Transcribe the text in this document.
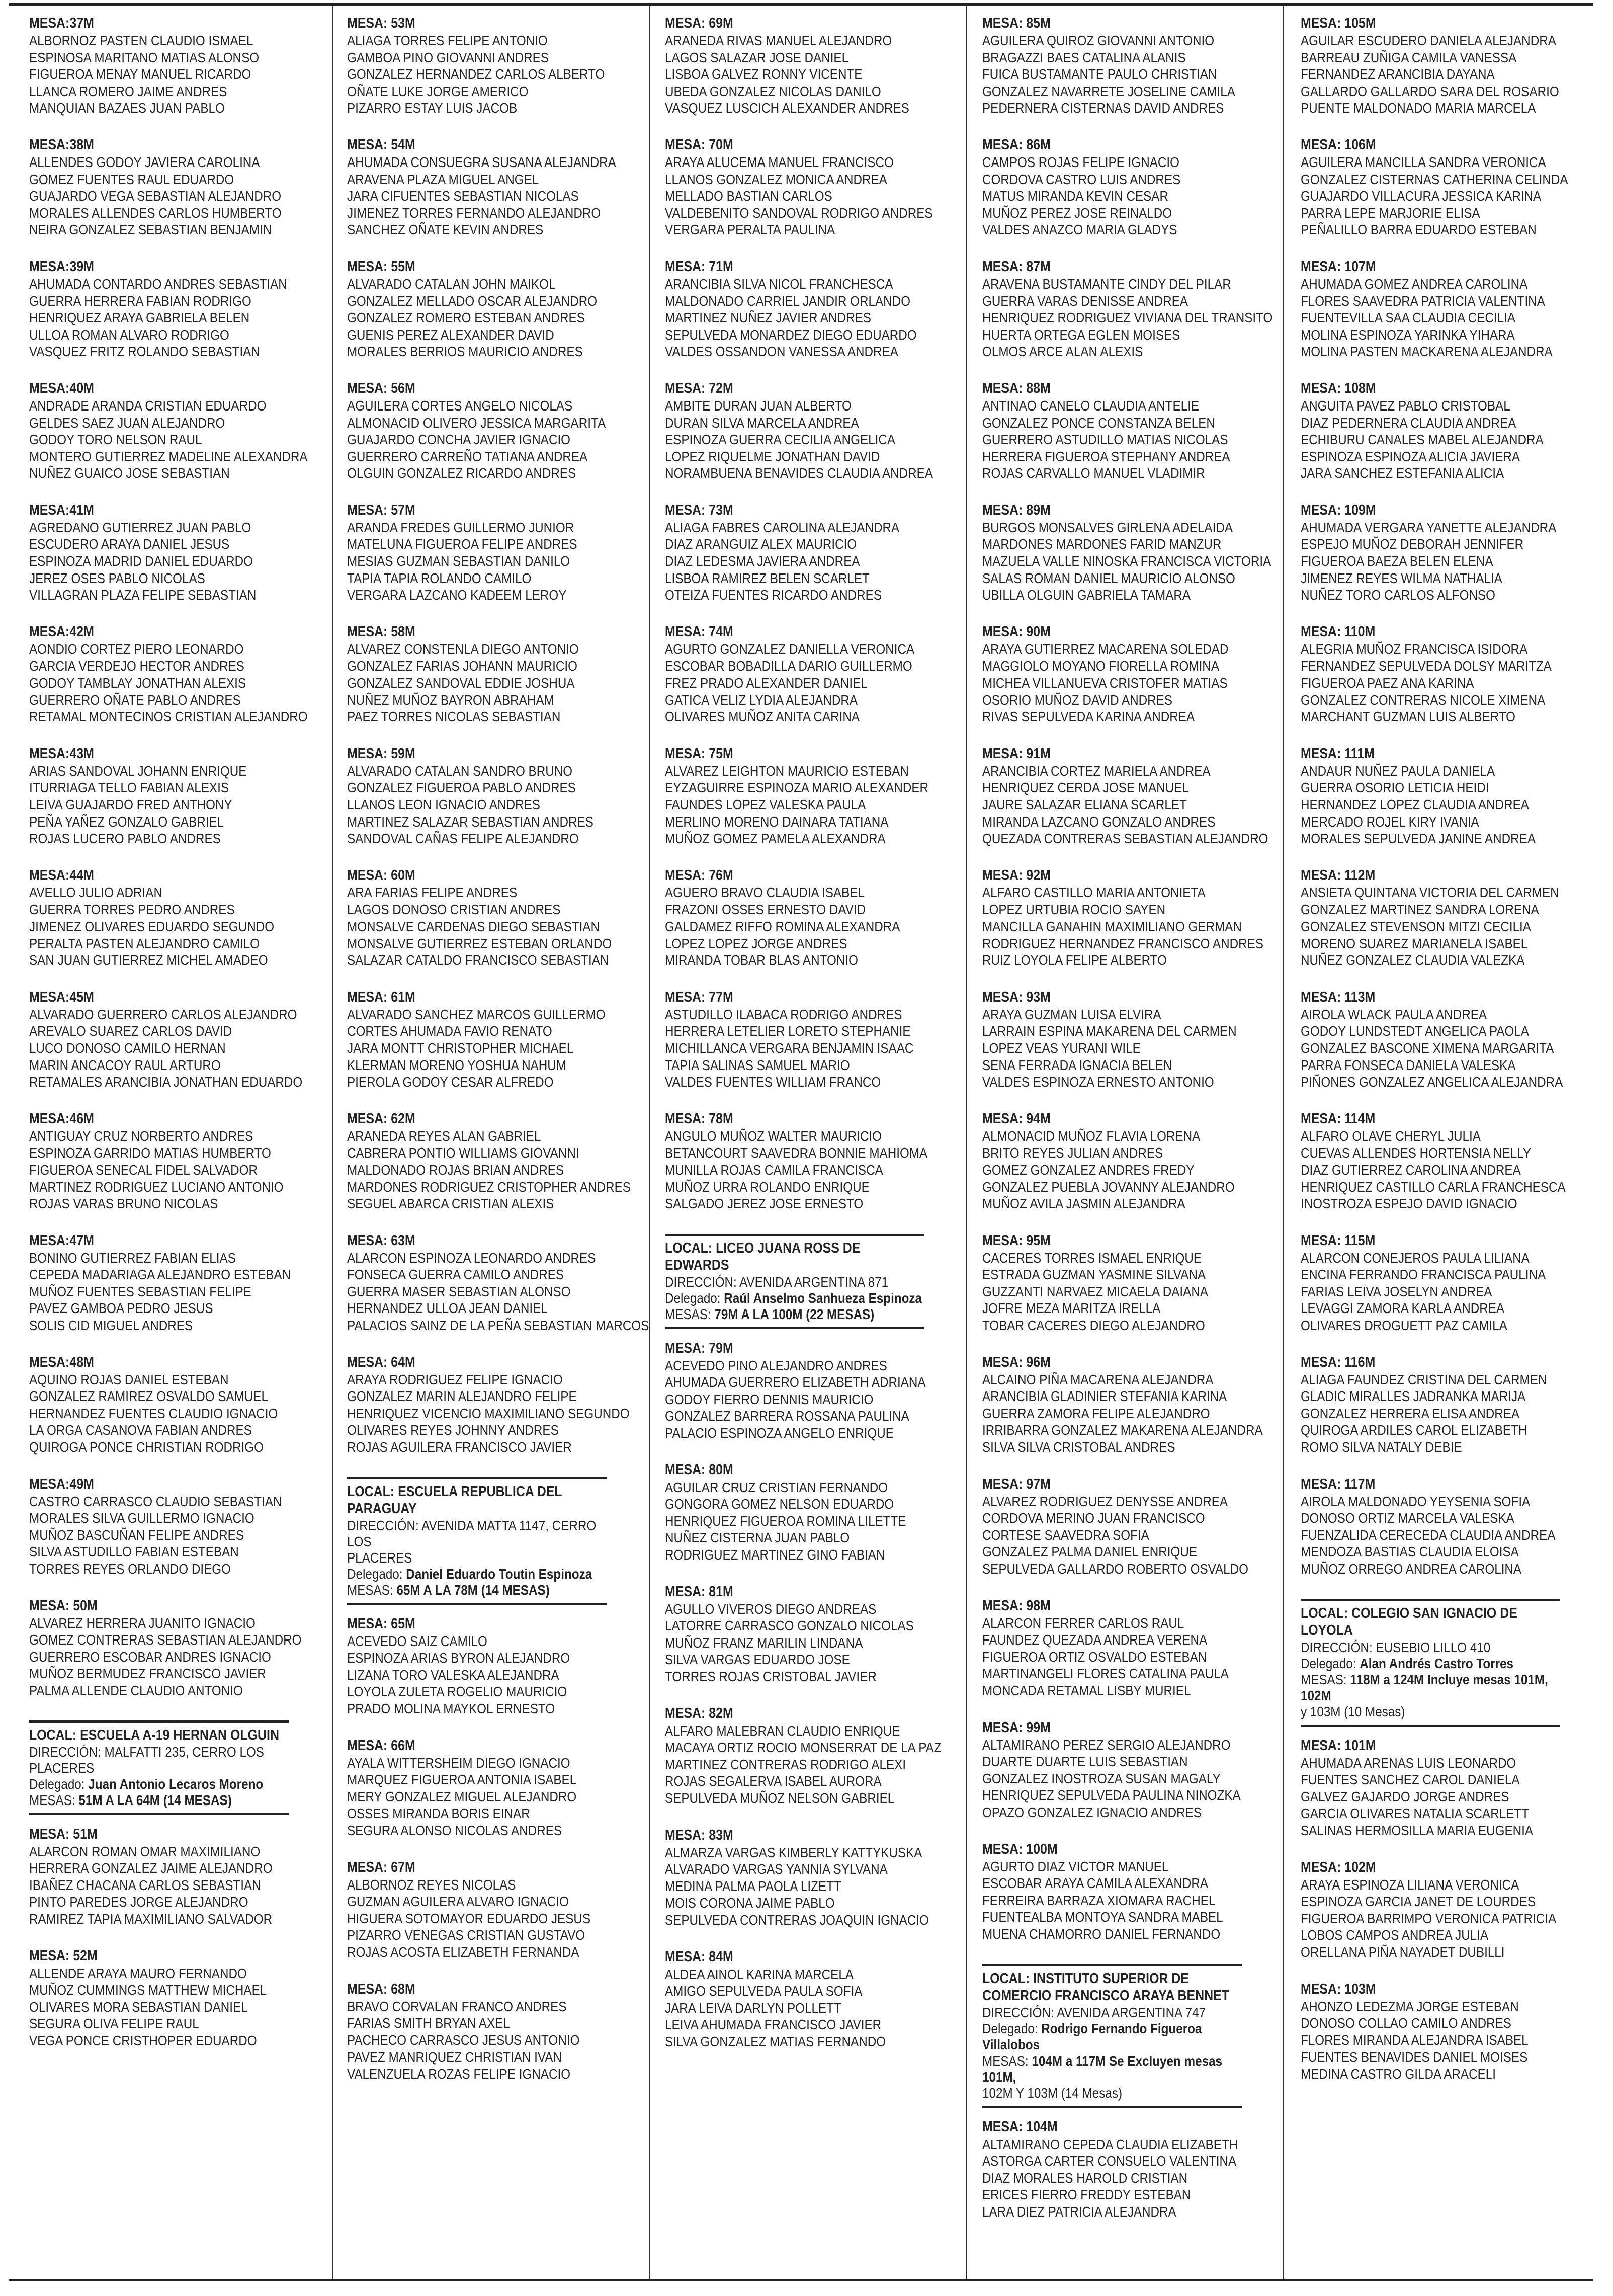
MESA:37M
ALBORNOZ PASTEN CLAUDIO ISMAEL
ESPINOSA MARITANO MATIAS ALONSO
FIGUEROA MENAY MANUEL RICARDO
LLANCA ROMERO JAIME ANDRES
MANQUIAN BAZAES JUAN PABLO
MESA:38M
ALLENDES GODOY JAVIERA CAROLINA
GOMEZ FUENTES RAUL EDUARDO
GUAJARDO VEGA SEBASTIAN ALEJANDRO
MORALES ALLENDES CARLOS HUMBERTO
NEIRA GONZALEZ SEBASTIAN BENJAMIN
MESA:39M
AHUMADA CONTARDO ANDRES SEBASTIAN
GUERRA HERRERA FABIAN RODRIGO
HENRIQUEZ ARAYA GABRIELA BELEN
ULLOA ROMAN ALVARO RODRIGO
VASQUEZ FRITZ ROLANDO SEBASTIAN
MESA:40M
ANDRADE ARANDA CRISTIAN EDUARDO
GELDES SAEZ JUAN ALEJANDRO
GODOY TORO NELSON RAUL
MONTERO GUTIERREZ MADELINE ALEXANDRA
NUÑEZ GUAICO JOSE SEBASTIAN
MESA:41M
AGREDANO GUTIERREZ JUAN PABLO
ESCUDERO ARAYA DANIEL JESUS
ESPINOZA MADRID DANIEL EDUARDO
JEREZ OSES PABLO NICOLAS
VILLAGRAN PLAZA FELIPE SEBASTIAN
MESA:42M
AONDIO CORTEZ PIERO LEONARDO
GARCIA VERDEJO HECTOR ANDRES
GODOY TAMBLAY JONATHAN ALEXIS
GUERRERO OÑATE PABLO ANDRES
RETAMAL MONTECINOS CRISTIAN ALEJANDRO
MESA:43M
ARIAS SANDOVAL JOHANN ENRIQUE
ITURRIAGA TELLO FABIAN ALEXIS
LEIVA GUAJARDO FRED ANTHONY
PEÑA YAÑEZ GONZALO GABRIEL
ROJAS LUCERO PABLO ANDRES
MESA:44M
AVELLO JULIO ADRIAN
GUERRA TORRES PEDRO ANDRES
JIMENEZ OLIVARES EDUARDO SEGUNDO
PERALTA PASTEN ALEJANDRO CAMILO
SAN JUAN GUTIERREZ MICHEL AMADEO
MESA:45M
ALVARADO GUERRERO CARLOS ALEJANDRO
AREVALO SUAREZ CARLOS DAVID
LUCO DONOSO CAMILO HERNAN
MARIN ANCACOY RAUL ARTURO
RETAMALES ARANCIBIA JONATHAN EDUARDO
MESA:46M
ANTIGUAY CRUZ NORBERTO ANDRES
ESPINOZA GARRIDO MATIAS HUMBERTO
FIGUEROA SENECAL FIDEL SALVADOR
MARTINEZ RODRIGUEZ LUCIANO ANTONIO
ROJAS VARAS BRUNO NICOLAS
MESA:47M
BONINO GUTIERREZ FABIAN ELIAS
CEPEDA MADARIAGA ALEJANDRO ESTEBAN
MUÑOZ FUENTES SEBASTIAN FELIPE
PAVEZ GAMBOA PEDRO JESUS
SOLIS CID MIGUEL ANDRES
MESA:48M
AQUINO ROJAS DANIEL ESTEBAN
GONZALEZ RAMIREZ OSVALDO SAMUEL
HERNANDEZ FUENTES CLAUDIO IGNACIO
LA ORGA CASANOVA FABIAN ANDRES
QUIROGA PONCE CHRISTIAN RODRIGO
MESA:49M
CASTRO CARRASCO CLAUDIO SEBASTIAN
MORALES SILVA GUILLERMO IGNACIO
MUÑOZ BASCUÑAN FELIPE ANDRES
SILVA ASTUDILLO FABIAN ESTEBAN
TORRES REYES ORLANDO DIEGO
MESA: 50M
ALVAREZ HERRERA JUANITO IGNACIO
GOMEZ CONTRERAS SEBASTIAN ALEJANDRO
GUERRERO ESCOBAR ANDRES IGNACIO
MUÑOZ BERMUDEZ FRANCISCO JAVIER
PALMA ALLENDE CLAUDIO ANTONIO
LOCAL: ESCUELA A-19 HERNAN OLGUIN
DIRECCIÓN: MALFATTI 235, CERRO LOS PLACERES
Delegado: Juan Antonio Lecaros Moreno
MESAS: 51M A LA 64M (14 MESAS)
MESA: 51M
ALARCON ROMAN OMAR MAXIMILIANO
HERRERA GONZALEZ JAIME ALEJANDRO
IBAÑEZ CHACANA CARLOS SEBASTIAN
PINTO PAREDES JORGE ALEJANDRO
RAMIREZ TAPIA MAXIMILIANO SALVADOR
MESA: 52M
ALLENDE ARAYA MAURO FERNANDO
MUÑOZ CUMMINGS MATTHEW MICHAEL
OLIVARES MORA SEBASTIAN DANIEL
SEGURA OLIVA FELIPE RAUL
VEGA PONCE CRISTHOPER EDUARDO
MESA: 53M
ALIAGA TORRES FELIPE ANTONIO
GAMBOA PINO GIOVANNI ANDRES
GONZALEZ HERNANDEZ CARLOS ALBERTO
OÑATE LUKE JORGE AMERICO
PIZARRO ESTAY LUIS JACOB
MESA: 54M
AHUMADA CONSUEGRA SUSANA ALEJANDRA
ARAVENA PLAZA MIGUEL ANGEL
JARA CIFUENTES SEBASTIAN NICOLAS
JIMENEZ TORRES FERNANDO ALEJANDRO
SANCHEZ OÑATE KEVIN ANDRES
MESA: 55M
ALVARADO CATALAN JOHN MAIKOL
GONZALEZ MELLADO OSCAR ALEJANDRO
GONZALEZ ROMERO ESTEBAN ANDRES
GUENIS PEREZ ALEXANDER DAVID
MORALES BERRIOS MAURICIO ANDRES
MESA: 56M
AGUILERA CORTES ANGELO NICOLAS
ALMONACID OLIVERO JESSICA MARGARITA
GUAJARDO CONCHA JAVIER IGNACIO
GUERRERO CARREÑO TATIANA ANDREA
OLGUIN GONZALEZ RICARDO ANDRES
MESA: 57M
ARANDA FREDES GUILLERMO JUNIOR
MATELUNA FIGUEROA FELIPE ANDRES
MESIAS GUZMAN SEBASTIAN DANILO
TAPIA TAPIA ROLANDO CAMILO
VERGARA LAZCANO KADEEM LEROY
MESA: 58M
ALVAREZ CONSTENLA DIEGO ANTONIO
GONZALEZ FARIAS JOHANN MAURICIO
GONZALEZ SANDOVAL EDDIE JOSHUA
NUÑEZ MUÑOZ BAYRON ABRAHAM
PAEZ TORRES NICOLAS SEBASTIAN
MESA: 59M
ALVARADO CATALAN SANDRO BRUNO
GONZALEZ FIGUEROA PABLO ANDRES
LLANOS LEON IGNACIO ANDRES
MARTINEZ SALAZAR SEBASTIAN ANDRES
SANDOVAL CAÑAS FELIPE ALEJANDRO
MESA: 60M
ARA FARIAS FELIPE ANDRES
LAGOS DONOSO CRISTIAN ANDRES
MONSALVE CARDENAS DIEGO SEBASTIAN
MONSALVE GUTIERREZ ESTEBAN ORLANDO
SALAZAR CATALDO FRANCISCO SEBASTIAN
MESA: 61M
ALVARADO SANCHEZ MARCOS GUILLERMO
CORTES AHUMADA FAVIO RENATO
JARA MONTT CHRISTOPHER MICHAEL
KLERMAN MORENO YOSHUA NAHUM
PIEROLA GODOY CESAR ALFREDO
MESA: 62M
ARANEDA REYES ALAN GABRIEL
CABRERA PONTIO WILLIAMS GIOVANNI
MALDONADO ROJAS BRIAN ANDRES
MARDONES RODRIGUEZ CRISTOPHER ANDRES
SEGUEL ABARCA CRISTIAN ALEXIS
MESA: 63M
ALARCON ESPINOZA LEONARDO ANDRES
FONSECA GUERRA CAMILO ANDRES
GUERRA MASER SEBASTIAN ALONSO
HERNANDEZ ULLOA JEAN DANIEL
PALACIOS SAINZ DE LA PEÑA SEBASTIAN MARCOS
MESA: 64M
ARAYA RODRIGUEZ FELIPE IGNACIO
GONZALEZ MARIN ALEJANDRO FELIPE
HENRIQUEZ VICENCIO MAXIMILIANO SEGUNDO
OLIVARES REYES JOHNNY ANDRES
ROJAS AGUILERA FRANCISCO JAVIER
LOCAL: ESCUELA REPUBLICA DEL PARAGUAY
DIRECCIÓN: AVENIDA MATTA 1147, CERRO LOS
PLACERES
Delegado: Daniel Eduardo Toutin Espinoza
MESAS: 65M A LA 78M (14 MESAS)
MESA: 65M
ACEVEDO SAIZ CAMILO
ESPINOZA ARIAS BYRON ALEJANDRO
LIZANA TORO VALESKA ALEJANDRA
LOYOLA ZULETA ROGELIO MAURICIO
PRADO MOLINA MAYKOL ERNESTO
MESA: 66M
AYALA WITTERSHEIM DIEGO IGNACIO
MARQUEZ FIGUEROA ANTONIA ISABEL
MERY GONZALEZ MIGUEL ALEJANDRO
OSSES MIRANDA BORIS EINAR
SEGURA ALONSO NICOLAS ANDRES
MESA: 67M
ALBORNOZ REYES NICOLAS
GUZMAN AGUILERA ALVARO IGNACIO
HIGUERA SOTOMAYOR EDUARDO JESUS
PIZARRO VENEGAS CRISTIAN GUSTAVO
ROJAS ACOSTA ELIZABETH FERNANDA
MESA: 68M
BRAVO CORVALAN FRANCO ANDRES
FARIAS SMITH BRYAN AXEL
PACHECO CARRASCO JESUS ANTONIO
PAVEZ MANRIQUEZ CHRISTIAN IVAN
VALENZUELA ROZAS FELIPE IGNACIO
MESA: 69M
ARANEDA RIVAS MANUEL ALEJANDRO
LAGOS SALAZAR JOSE DANIEL
LISBOA GALVEZ RONNY VICENTE
UBEDA GONZALEZ NICOLAS DANILO
VASQUEZ LUSCICH ALEXANDER ANDRES
MESA: 70M
ARAYA ALUCEMA MANUEL FRANCISCO
LLANOS GONZALEZ MONICA ANDREA
MELLADO BASTIAN CARLOS
VALDEBENITO SANDOVAL RODRIGO ANDRES
VERGARA PERALTA PAULINA
MESA: 71M
ARANCIBIA SILVA NICOL FRANCHESCA
MALDONADO CARRIEL JANDIR ORLANDO
MARTINEZ NUÑEZ JAVIER ANDRES
SEPULVEDA MONARDEZ DIEGO EDUARDO
VALDES OSSANDON VANESSA ANDREA
MESA: 72M
AMBITE DURAN JUAN ALBERTO
DURAN SILVA MARCELA ANDREA
ESPINOZA GUERRA CECILIA ANGELICA
LOPEZ RIQUELME JONATHAN DAVID
NORAMBUENA BENAVIDES CLAUDIA ANDREA
MESA: 73M
ALIAGA FABRES CAROLINA ALEJANDRA
DIAZ ARANGUIZ ALEX MAURICIO
DIAZ LEDESMA JAVIERA ANDREA
LISBOA RAMIREZ BELEN SCARLET
OTEIZA FUENTES RICARDO ANDRES
MESA: 74M
AGURTO GONZALEZ DANIELLA VERONICA
ESCOBAR BOBADILLA DARIO GUILLERMO
FREZ PRADO ALEXANDER DANIEL
GATICA VELIZ LYDIA ALEJANDRA
OLIVARES MUÑOZ ANITA CARINA
MESA: 75M
ALVAREZ LEIGHTON MAURICIO ESTEBAN
EYZAGUIRRE ESPINOZA MARIO ALEXANDER
FAUNDES LOPEZ VALESKA PAULA
MERLINO MORENO DAINARA TATIANA
MUÑOZ GOMEZ PAMELA ALEXANDRA
MESA: 76M
AGUERO BRAVO CLAUDIA ISABEL
FRAZONI OSSES ERNESTO DAVID
GALDAMEZ RIFFO ROMINA ALEXANDRA
LOPEZ LOPEZ JORGE ANDRES
MIRANDA TOBAR BLAS ANTONIO
MESA: 77M
ASTUDILLO ILABACA RODRIGO ANDRES
HERRERA LETELIER LORETO STEPHANIE
MICHILLANCA VERGARA BENJAMIN ISAAC
TAPIA SALINAS SAMUEL MARIO
VALDES FUENTES WILLIAM FRANCO
MESA: 78M
ANGULO MUÑOZ WALTER MAURICIO
BETANCOURT SAAVEDRA BONNIE MAHIOMA
MUNILLA ROJAS CAMILA FRANCISCA
MUÑOZ URRA ROLANDO ENRIQUE
SALGADO JEREZ JOSE ERNESTO
LOCAL: LICEO JUANA ROSS DE EDWARDS
DIRECCIÓN: AVENIDA ARGENTINA 871
Delegado: Raúl Anselmo Sanhueza Espinoza
MESAS: 79M A LA 100M (22 MESAS)
MESA: 79M
ACEVEDO PINO ALEJANDRO ANDRES
AHUMADA GUERRERO ELIZABETH ADRIANA
GODOY FIERRO DENNIS MAURICIO
GONZALEZ BARRERA ROSSANA PAULINA
PALACIO ESPINOZA ANGELO ENRIQUE
MESA: 80M
AGUILAR CRUZ CRISTIAN FERNANDO
GONGORA GOMEZ NELSON EDUARDO
HENRIQUEZ FIGUEROA ROMINA LILETTE
NUÑEZ CISTERNA JUAN PABLO
RODRIGUEZ MARTINEZ GINO FABIAN
MESA: 81M
AGULLO VIVEROS DIEGO ANDREAS
LATORRE CARRASCO GONZALO NICOLAS
MUÑOZ FRANZ MARILIN LINDANA
SILVA VARGAS EDUARDO JOSE
TORRES ROJAS CRISTOBAL JAVIER
MESA: 82M
ALFARO MALEBRAN CLAUDIO ENRIQUE
MACAYA ORTIZ ROCIO MONSERRAT DE LA PAZ
MARTINEZ CONTRERAS RODRIGO ALEXI
ROJAS SEGALERVA ISABEL AURORA
SEPULVEDA MUÑOZ NELSON GABRIEL
MESA: 83M
ALMARZA VARGAS KIMBERLY KATTYKUSKA
ALVARADO VARGAS YANNIA SYLVANA
MEDINA PALMA PAOLA LIZETT
MOIS CORONA JAIME PABLO
SEPULVEDA CONTRERAS JOAQUIN IGNACIO
MESA: 84M
ALDEA AINOL KARINA MARCELA
AMIGO SEPULVEDA PAULA SOFIA
JARA LEIVA DARLYN POLLETT
LEIVA AHUMADA FRANCISCO JAVIER
SILVA GONZALEZ MATIAS FERNANDO
MESA: 85M
AGUILERA QUIROZ GIOVANNI ANTONIO
BRAGAZZI BAES CATALINA ALANIS
FUICA BUSTAMANTE PAULO CHRISTIAN
GONZALEZ NAVARRETE JOSELINE CAMILA
PEDERNERA CISTERNAS DAVID ANDRES
MESA: 86M
CAMPOS ROJAS FELIPE IGNACIO
CORDOVA CASTRO LUIS ANDRES
MATUS MIRANDA KEVIN CESAR
MUÑOZ PEREZ JOSE REINALDO
VALDES ANAZCO MARIA GLADYS
MESA: 87M
ARAVENA BUSTAMANTE CINDY DEL PILAR
GUERRA VARAS DENISSE ANDREA
HENRIQUEZ RODRIGUEZ VIVIANA DEL TRANSITO
HUERTA ORTEGA EGLEN MOISES
OLMOS ARCE ALAN ALEXIS
MESA: 88M
ANTINAO CANELO CLAUDIA ANTELIE
GONZALEZ PONCE CONSTANZA BELEN
GUERRERO ASTUDILLO MATIAS NICOLAS
HERRERA FIGUEROA STEPHANY ANDREA
ROJAS CARVALLO MANUEL VLADIMIR
MESA: 89M
BURGOS MONSALVES GIRLENA ADELAIDA
MARDONES MARDONES FARID MANZUR
MAZUELA VALLE NINOSKA FRANCISCA VICTORIA
SALAS ROMAN DANIEL MAURICIO ALONSO
UBILLA OLGUIN GABRIELA TAMARA
MESA: 90M
ARAYA GUTIERREZ MACARENA SOLEDAD
MAGGIOLO MOYANO FIORELLA ROMINA
MICHEA VILLANUEVA CRISTOFER MATIAS
OSORIO MUÑOZ DAVID ANDRES
RIVAS SEPULVEDA KARINA ANDREA
MESA: 91M
ARANCIBIA CORTEZ MARIELA ANDREA
HENRIQUEZ CERDA JOSE MANUEL
JAURE SALAZAR ELIANA SCARLET
MIRANDA LAZCANO GONZALO ANDRES
QUEZADA CONTRERAS SEBASTIAN ALEJANDRO
MESA: 92M
ALFARO CASTILLO MARIA ANTONIETA
LOPEZ URTUBIA ROCIO SAYEN
MANCILLA GANAHIN MAXIMILIANO GERMAN
RODRIGUEZ HERNANDEZ FRANCISCO ANDRES
RUIZ LOYOLA FELIPE ALBERTO
MESA: 93M
ARAYA GUZMAN LUISA ELVIRA
LARRAIN ESPINA MAKARENA DEL CARMEN
LOPEZ VEAS YURANI WILE
SENA FERRADA IGNACIA BELEN
VALDES ESPINOZA ERNESTO ANTONIO
MESA: 94M
ALMONACID MUÑOZ FLAVIA LORENA
BRITO REYES JULIAN ANDRES
GOMEZ GONZALEZ ANDRES FREDY
GONZALEZ PUEBLA JOVANNY ALEJANDRO
MUÑOZ AVILA JASMIN ALEJANDRA
MESA: 95M
CACERES TORRES ISMAEL ENRIQUE
ESTRADA GUZMAN YASMINE SILVANA
GUZZANTI NARVAEZ MICAELA DAIANA
JOFRE MEZA MARITZA IRELLA
TOBAR CACERES DIEGO ALEJANDRO
MESA: 96M
ALCAINO PIÑA MACARENA ALEJANDRA
ARANCIBIA GLADINIER STEFANIA KARINA
GUERRA ZAMORA FELIPE ALEJANDRO
IRRIBARRA GONZALEZ MAKARENA ALEJANDRA
SILVA SILVA CRISTOBAL ANDRES
MESA: 97M
ALVAREZ RODRIGUEZ DENYSSE ANDREA
CORDOVA MERINO JUAN FRANCISCO
CORTESE SAAVEDRA SOFIA
GONZALEZ PALMA DANIEL ENRIQUE
SEPULVEDA GALLARDO ROBERTO OSVALDO
MESA: 98M
ALARCON FERRER CARLOS RAUL
FAUNDEZ QUEZADA ANDREA VERENA
FIGUEROA ORTIZ OSVALDO ESTEBAN
MARTINANGELI FLORES CATALINA PAULA
MONCADA RETAMAL LISBY MURIEL
MESA: 99M
ALTAMIRANO PEREZ SERGIO ALEJANDRO
DUARTE DUARTE LUIS SEBASTIAN
GONZALEZ INOSTROZA SUSAN MAGALY
HENRIQUEZ SEPULVEDA PAULINA NINOZKA
OPAZO GONZALEZ IGNACIO ANDRES
MESA: 100M
AGURTO DIAZ VICTOR MANUEL
ESCOBAR ARAYA CAMILA ALEXANDRA
FERREIRA BARRAZA XIOMARA RACHEL
FUENTEALBA MONTOYA SANDRA MABEL
MUENA CHAMORRO DANIEL FERNANDO
LOCAL: INSTITUTO SUPERIOR DE COMERCIO FRANCISCO ARAYA BENNET
DIRECCIÓN: AVENIDA ARGENTINA 747
Delegado: Rodrigo Fernando Figueroa
Villalobos
MESAS: 104M a 117M Se Excluyen mesas 101M,
102M Y 103M (14 Mesas)
MESA: 104M
ALTAMIRANO CEPEDA CLAUDIA ELIZABETH
ASTORGA CARTER CONSUELO VALENTINA
DIAZ MORALES HAROLD CRISTIAN
ERICES FIERRO FREDDY ESTEBAN
LARA DIEZ PATRICIA ALEJANDRA
MESA: 105M
AGUILAR ESCUDERO DANIELA ALEJANDRA
BARREAU ZUÑIGA CAMILA VANESSA
FERNANDEZ ARANCIBIA DAYANA
GALLARDO GALLARDO SARA DEL ROSARIO
PUENTE MALDONADO MARIA MARCELA
MESA: 106M
AGUILERA MANCILLA SANDRA VERONICA
GONZALEZ CISTERNAS CATHERINA CELINDA
GUAJARDO VILLACURA JESSICA KARINA
PARRA LEPE MARJORIE ELISA
PEÑALILLO BARRA EDUARDO ESTEBAN
MESA: 107M
AHUMADA GOMEZ ANDREA CAROLINA
FLORES SAAVEDRA PATRICIA VALENTINA
FUENTEVILLA SAA CLAUDIA CECILIA
MOLINA ESPINOZA YARINKA YIHARA
MOLINA PASTEN MACKARENA ALEJANDRA
MESA: 108M
ANGUITA PAVEZ PABLO CRISTOBAL
DIAZ PEDERNERA CLAUDIA ANDREA
ECHIBURU CANALES MABEL ALEJANDRA
ESPINOZA ESPINOZA ALICIA JAVIERA
JARA SANCHEZ ESTEFANIA ALICIA
MESA: 109M
AHUMADA VERGARA YANETTE ALEJANDRA
ESPEJO MUÑOZ DEBORAH JENNIFER
FIGUEROA BAEZA BELEN ELENA
JIMENEZ REYES WILMA NATHALIA
NUÑEZ TORO CARLOS ALFONSO
MESA: 110M
ALEGRIA MUÑOZ FRANCISCA ISIDORA
FERNANDEZ SEPULVEDA DOLSY MARITZA
FIGUEROA PAEZ ANA KARINA
GONZALEZ CONTRERAS NICOLE XIMENA
MARCHANT GUZMAN LUIS ALBERTO
MESA: 111M
ANDAUR NUÑEZ PAULA DANIELA
GUERRA OSORIO LETICIA HEIDI
HERNANDEZ LOPEZ CLAUDIA ANDREA
MERCADO ROJEL KIRY IVANIA
MORALES SEPULVEDA JANINE ANDREA
MESA: 112M
ANSIETA QUINTANA VICTORIA DEL CARMEN
GONZALEZ MARTINEZ SANDRA LORENA
GONZALEZ STEVENSON MITZI CECILIA
MORENO SUAREZ MARIANELA ISABEL
NUÑEZ GONZALEZ CLAUDIA VALEZKA
MESA: 113M
AIROLA WLACK PAULA ANDREA
GODOY LUNDSTEDT ANGELICA PAOLA
GONZALEZ BASCONE XIMENA MARGARITA
PARRA FONSECA DANIELA VALESKA
PIÑONES GONZALEZ ANGELICA ALEJANDRA
MESA: 114M
ALFARO OLAVE CHERYL JULIA
CUEVAS ALLENDES HORTENSIA NELLY
DIAZ GUTIERREZ CAROLINA ANDREA
HENRIQUEZ CASTILLO CARLA FRANCHESCA
INOSTROZA ESPEJO DAVID IGNACIO
MESA: 115M
ALARCON CONEJEROS PAULA LILIANA
ENCINA FERRANDO FRANCISCA PAULINA
FARIAS LEIVA JOSELYN ANDREA
LEVAGGI ZAMORA KARLA ANDREA
OLIVARES DROGUETT PAZ CAMILA
MESA: 116M
ALIAGA FAUNDEZ CRISTINA DEL CARMEN
GLADIC MIRALLES JADRANKA MARIJA
GONZALEZ HERRERA ELISA ANDREA
QUIROGA ARDILES CAROL ELIZABETH
ROMO SILVA NATALY DEBIE
MESA: 117M
AIROLA MALDONADO YEYSENIA SOFIA
DONOSO ORTIZ MARCELA VALESKA
FUENZALIDA CERECEDA CLAUDIA ANDREA
MENDOZA BASTIAS CLAUDIA ELOISA
MUÑOZ ORREGO ANDREA CAROLINA
LOCAL: COLEGIO SAN IGNACIO DE LOYOLA
DIRECCIÓN: EUSEBIO LILLO 410
Delegado: Alan Andrés Castro Torres
MESAS: 118M a 124M Incluye mesas 101M, 102M
y 103M (10 Mesas)
MESA: 101M
AHUMADA ARENAS LUIS LEONARDO
FUENTES SANCHEZ CAROL DANIELA
GALVEZ GAJARDO JORGE ANDRES
GARCIA OLIVARES NATALIA SCARLETT
SALINAS HERMOSILLA MARIA EUGENIA
MESA: 102M
ARAYA ESPINOZA LILIANA VERONICA
ESPINOZA GARCIA JANET DE LOURDES
FIGUEROA BARRIMPO VERONICA PATRICIA
LOBOS CAMPOS ANDREA JULIA
ORELLANA PIÑA NAYADET DUBILLI
MESA: 103M
AHONZO LEDEZMA JORGE ESTEBAN
DONOSO COLLAO CAMILO ANDRES
FLORES MIRANDA ALEJANDRA ISABEL
FUENTES BENAVIDES DANIEL MOISES
MEDINA CASTRO GILDA ARACELI
